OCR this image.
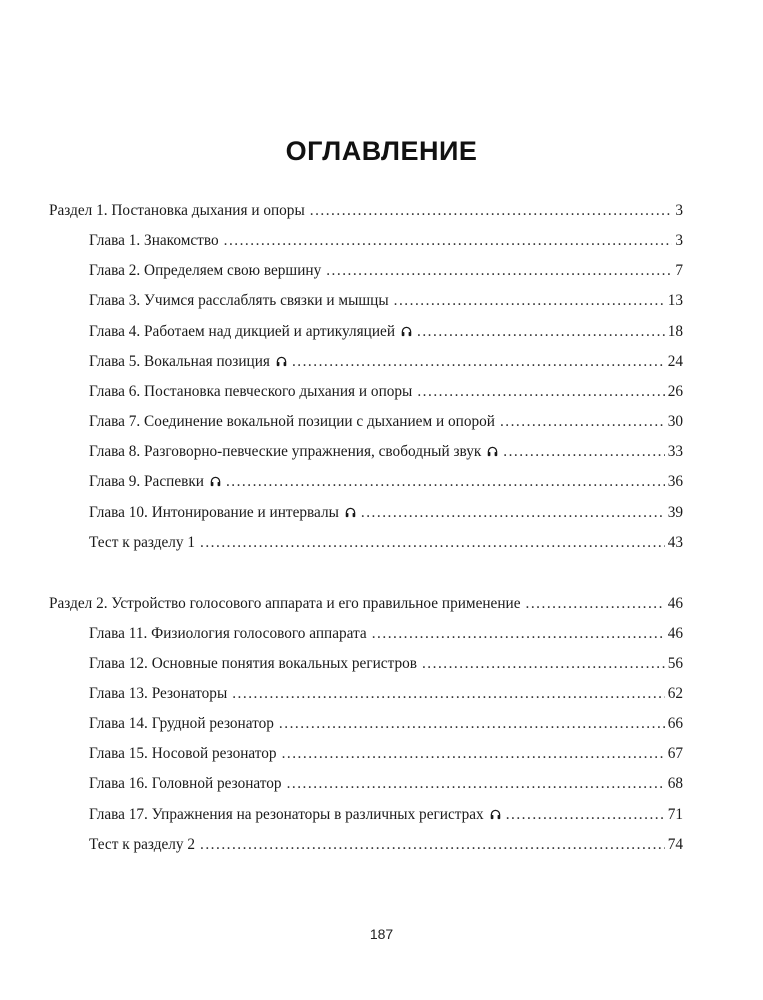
ОГЛАВЛЕНИЕ
Раздел 1. Постановка дыхания и опоры .....	3
Глава 1. Знакомство .....	3
Глава 2. Определяем свою вершину .....	7
Глава 3. Учимся расслаблять связки и мышцы .....	13
Глава 4. Работаем над дикцией и артикуляцией .....	18
Глава 5. Вокальная позиция .....	24
Глава 6. Постановка певческого дыхания и опоры .....	26
Глава 7. Соединение вокальной позиции с дыханием и опорой .....	30
Глава 8. Разговорно-певческие упражнения, свободный звук .....	33
Глава 9. Распевки .....	36
Глава 10. Интонирование и интервалы .....	39
Тест к разделу 1 .....	43
Раздел 2. Устройство голосового аппарата и его правильное применение .....	46
Глава 11. Физиология голосового аппарата .....	46
Глава 12. Основные понятия вокальных регистров .....	56
Глава 13. Резонаторы .....	62
Глава 14. Грудной резонатор .....	66
Глава 15. Носовой резонатор .....	67
Глава 16. Головной резонатор .....	68
Глава 17. Упражнения на резонаторы в различных регистрах .....	71
Тест к разделу 2 .....	74
187
